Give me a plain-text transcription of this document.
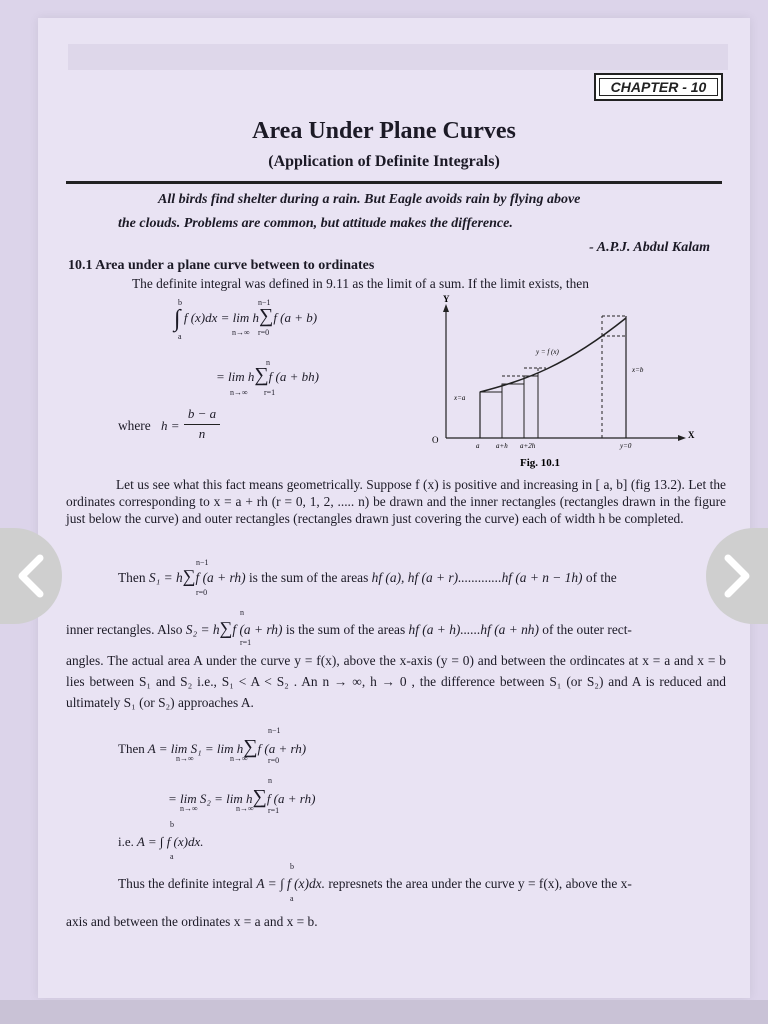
CHAPTER - 10
Area Under Plane Curves
(Application of Definite Integrals)
All birds find shelter during a rain. But Eagle avoids rain by flying above
the clouds. Problems are common, but attitude makes the difference.
- A.P.J. Abdul Kalam
10.1 Area under a plane curve between to ordinates
The definite integral was defined in 9.11 as the limit of a sum. If the limit exists, then
b
∫
a
f (x)dx = lim h∑f (a + b)
n−1
r=0
n→∞
= lim h∑f (a + bh)
n
r=1
n→∞
where h =
b − a
n
Y
X
O
x=a
y = f (x)
x=b
a a+h a+2h	y=0
Fig. 10.1
Let us see what this fact means geometrically. Suppose f (x) is positive and increasing in [ a, b] (fig 13.2). Let the ordinates corresponding to x = a + rh (r = 0, 1, 2, ..... n) be drawn and the inner rectangles (rectangles drawn in the figure just below the curve) and outer rectangles (rectangles drawn just covering the curve) each of width h be completed.
Then S₁ = h∑f (a + rh) is the sum of the areas hf (a), hf (a + r).............hf (a + n − 1h) of the
n−1
r=0
inner rectangles. Also S₂ = h∑f (a + rh) is the sum of the areas hf (a + h)......hf (a + nh) of the outer rect-
n
r=1
angles. The actual area A under the curve y = f(x), above the x-axis (y = 0) and between the ordincates at x = a and x = b lies between S₁ and S₂ i.e., S₁ < A < S₂ . An n → ∞, h → 0 , the difference between S₁ (or S₂) and A is reduced and ultimately S₁ (or S₂) approaches A.
Then A = lim S₁ = lim h∑f (a + rh)
n−1
r=0
n→∞	n→∞
= lim S₂ = lim h∑f (a + rh)
n
r=1
n→∞	n→∞
i.e. A = ∫ f (x)dx.
b
a
Thus the definite integral A = ∫ f (x)dx. represnets the area under the curve y = f(x), above the x-
b
a
axis and between the ordinates x = a and x = b.
